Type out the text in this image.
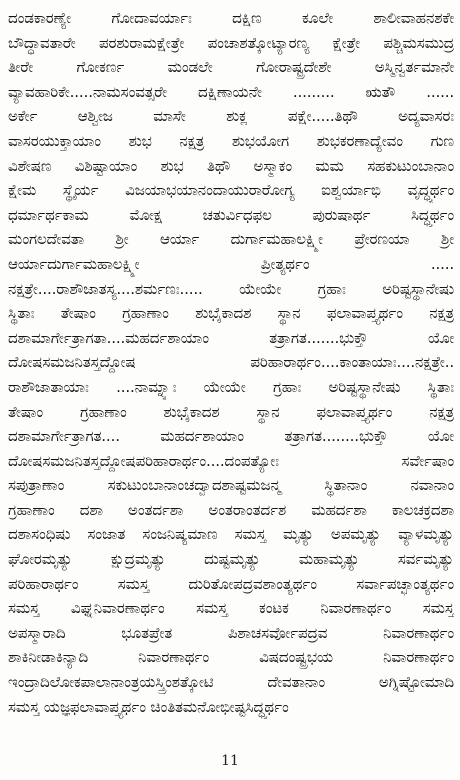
ದಂಡಕಾರಣ್ಯೇ ಗೋದಾವರ್ಯಾಃ ದಕ್ಷಿಣ ಕೂಲೇ ಶಾಲೀವಾಹನಶಕೇ
ಬೌದ್ಧಾವತಾರೇ ಪರಶುರಾಮಕ್ಷೇತ್ರೇ ಪಂಚಾಶತ್ಕೋಟ್ಯಾರಣ್ಯ ಕ್ಷೇತ್ರೇ ಪಶ್ಚಿಮಸಮುದ್ರ
ತೀರೇ ಗೋಕರ್ಣ ಮಂಡಲೇ ಗೋರಾಷ್ಟ್ರದೇಶೇ ಅಸ್ಮಿನ್ವರ್ತಮಾನೇ
ವ್ಯಾವಹಾರಿಕೇ.....ನಾಮಸಂವತ್ಸರೇ ದಕ್ಷಿಣಾಯನೇ ......... ಋತೌ ......
ಅರ್ಕೇ ಆಶ್ವೀಜ ಮಾಸೇ ಶುಕ್ಲ ಪಕ್ಷೇ.....ತಿಥೌ ಅದ್ಯವಾಸರಃ
ವಾಸರಯುಕ್ತಾಯಾಂ ಶುಭ ನಕ್ಷತ್ರ ಶುಭಯೋಗ ಶುಭಕರಣಾದ್ಯೇವಂ ಗುಣ
ವಿಶೇಷಣ ವಿಶಿಷ್ಟಾಯಾಂ ಶುಭ ತಿಥೌ ಅಸ್ಮಾಕಂ ಮಮ ಸಹಕುಟುಂಬಾನಾಂ
ಕ್ಷೇಮ ಸ್ಥೈರ್ಯ ವಿಜಯಾಭಯಾನಂದಾಯುರಾರೋಗ್ಯ ಐಶ್ವರ್ಯಾಭಿ ವೃದ್ಧ್ಯರ್ಥಂ
ಧರ್ಮಾರ್ಥಕಾಮ ಮೋಕ್ಷ ಚತುರ್ವಿಧಫಲ ಪುರುಷಾರ್ಥ ಸಿದ್ಧ್ಯರ್ಥಂ
ಮಂಗಲದೇವತಾ ಶ್ರೀ ಆರ್ಯಾ ದುರ್ಗಾಮಹಾಲಕ್ಷ್ಮೀ ಪ್ರೇರಣಯಾ ಶ್ರೀ
ಆರ್ಯಾದುರ್ಗಾಮಹಾಲಕ್ಷ್ಮೀ ಪ್ರೀತ್ಯರ್ಥಂ .....
ನಕ್ಷತ್ರೇ....ರಾಶೌಜಾತಸ್ಯ....ಶರ್ಮಣಃ..... ಯೇಯೇ ಗ್ರಹಾಃ ಅರಿಷ್ಟಸ್ಥಾನೇಷು
ಸ್ಥಿತಾಃ ತೇಷಾಂ ಗ್ರಹಾಣಾಂ ಶುಭೈಕಾದಶ ಸ್ಥಾನ ಫಲಾವಾಪ್ತ್ಯರ್ಥಂ ನಕ್ಷತ್ರ
ದಶಾಮಾರ್ಗೇತ್ರಾಗತಾ....ಮಹರ್ದಶಾಯಾಂ ತತ್ರಾಗತ.......ಭುಕ್ತೌ ಯೋ
ದೋಷಸಮಜನಿತಸ್ತದ್ದೋಷ ಪರಿಹಾರಾರ್ಥಂ....ಕಾಂತಾಯಾಃ....ನಕ್ಷತ್ರೇ..
ರಾಶೌಜಾತಾಯಾಃ ....ನಾಮ್ನ್ಯಾಃ ಯೇಯೇ ಗ್ರಹಾಃ ಅರಿಷ್ಟಸ್ಥಾನೇಷು ಸ್ಥಿತಾಃ
ತೇಷಾಂ ಗ್ರಹಾಣಾಂ ಶುಭೈಕಾದಶ ಸ್ಥಾನ ಫಲಾವಾಪ್ತ್ಯರ್ಥಂ ನಕ್ಷತ್ರ
ದಶಾಮಾರ್ಗೇತ್ರಾಗತ.... ಮಹರ್ದಶಾಯಾಂ ತತ್ರಾಗತ........ಭುಕ್ತೌ ಯೋ
ದೋಷಸಮಜನಿತಸ್ತದ್ದೋಷಪರಿಹಾರಾರ್ಥಂ....ದಂಪತ್ಯೋಃ ಸರ್ವೇಷಾಂ
ಸಪುತ್ರಾಣಾಂ ಸಕುಟುಂಬಾನಾಂಚದ್ವಾದಶಾಷ್ಟಮಜನ್ಮ ಸ್ಥಿತಾನಾಂ ನವಾನಾಂ
ಗ್ರಹಾಣಾಂ ದಶಾ ಅಂತರ್ದಶಾ ಅಂತರಾಂತರ್ದಶ ಮಹರ್ದಶಾ ಕಾಲಚಕ್ರದಶಾ
ದಶಾಸಂಧಿಷು ಸಂಜಾತ ಸಂಜನಿಷ್ಯಮಾಣ ಸಮಸ್ತ ಮೃತ್ಯು ಅಪಮೃತ್ಯು ವ್ಯಾಳಮೃತ್ಯು
ಘೋರಮೃತ್ಯು ಕ್ಷುದ್ರಮೃತ್ಯು ದುಷ್ಟಮೃತ್ಯು ಮಹಾಮೃತ್ಯು ಸರ್ವಮೃತ್ಯು
ಪರಿಹಾರಾರ್ಥಂ ಸಮಸ್ತ ದುರಿತೋಪದ್ರವಶಾಂತ್ಯರ್ಥಂ ಸರ್ವಾಪಚ್ಛಾಂತ್ಯರ್ಥಂ
ಸಮಸ್ತ ವಿಘ್ನನಿವಾರಣಾರ್ಥಂ ಸಮಸ್ತ ಕಂಟಕ ನಿವಾರಣಾರ್ಥಂ ಸಮಸ್ತ
ಅಪಸ್ಮಾರಾದಿ ಭೂತಪ್ರೇತ ಪಿಶಾಚಸರ್ವೋಪದ್ರವ ನಿವಾರಣಾರ್ಥಂ
ಶಾಕಿನೀಡಾಕಿನ್ಯಾದಿ ನಿವಾರಣಾರ್ಥಂ ವಿಷದಂಷ್ಟ್ರಭಯ ನಿವಾರಣಾರ್ಥಂ
ಇಂದ್ರಾದಿಲೋಕಪಾಲಾನಾಂತ್ರಯಸ್ತ್ರಿಂಶತ್ಕೋಟಿ ದೇವತಾನಾಂ ಅಗ್ನಿಷ್ಟೋಮಾದಿ
ಸಮಸ್ತ ಯಜ್ಞಫಲಾವಾಪ್ತ್ಯರ್ಥಂ ಚಿಂತಿತಮನೋಭೀಷ್ಟಸಿದ್ಧ್ಯರ್ಥಂ
11
